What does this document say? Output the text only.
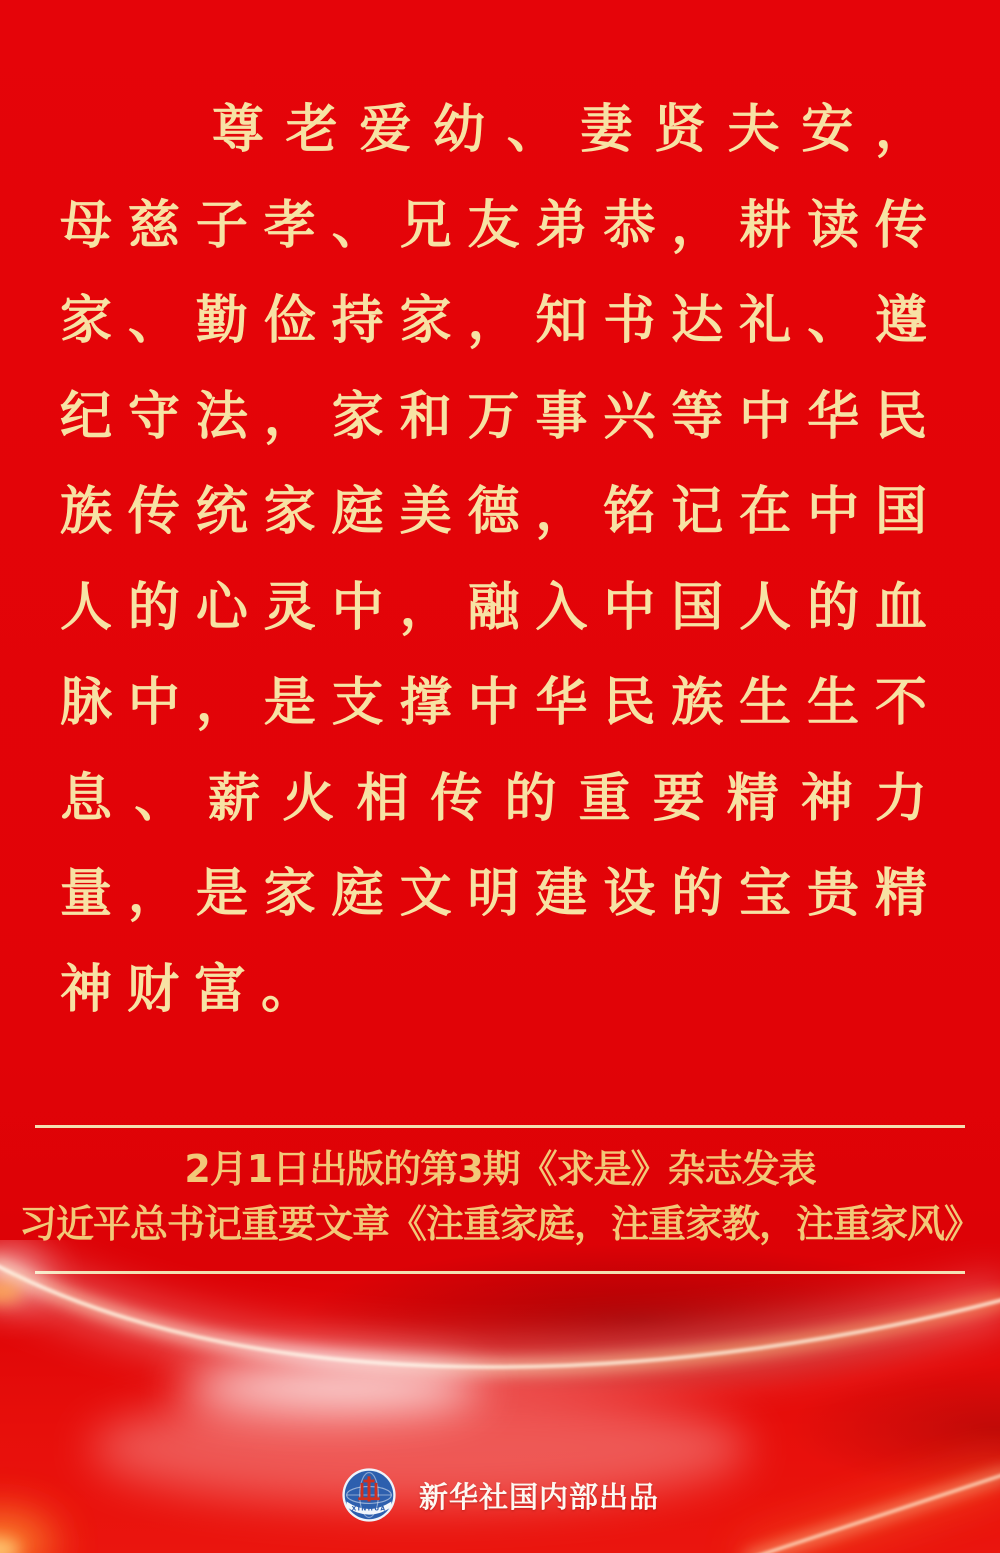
尊老爱幼、妻贤夫安，母慈子孝、兄友弟恭，耕读传家、勤俭持家，知书达礼、遵纪守法，家和万事兴等中华民族传统家庭美德，铭记在中国人的心灵中，融入中国人的血脉中，是支撑中华民族生生不息、薪火相传的重要精神力量，是家庭文明建设的宝贵精神财富。

2月1日出版的第3期《求是》杂志发表
习近平总书记重要文章《注重家庭，注重家教，注重家风》
XINHUA 新华社国内部出品
